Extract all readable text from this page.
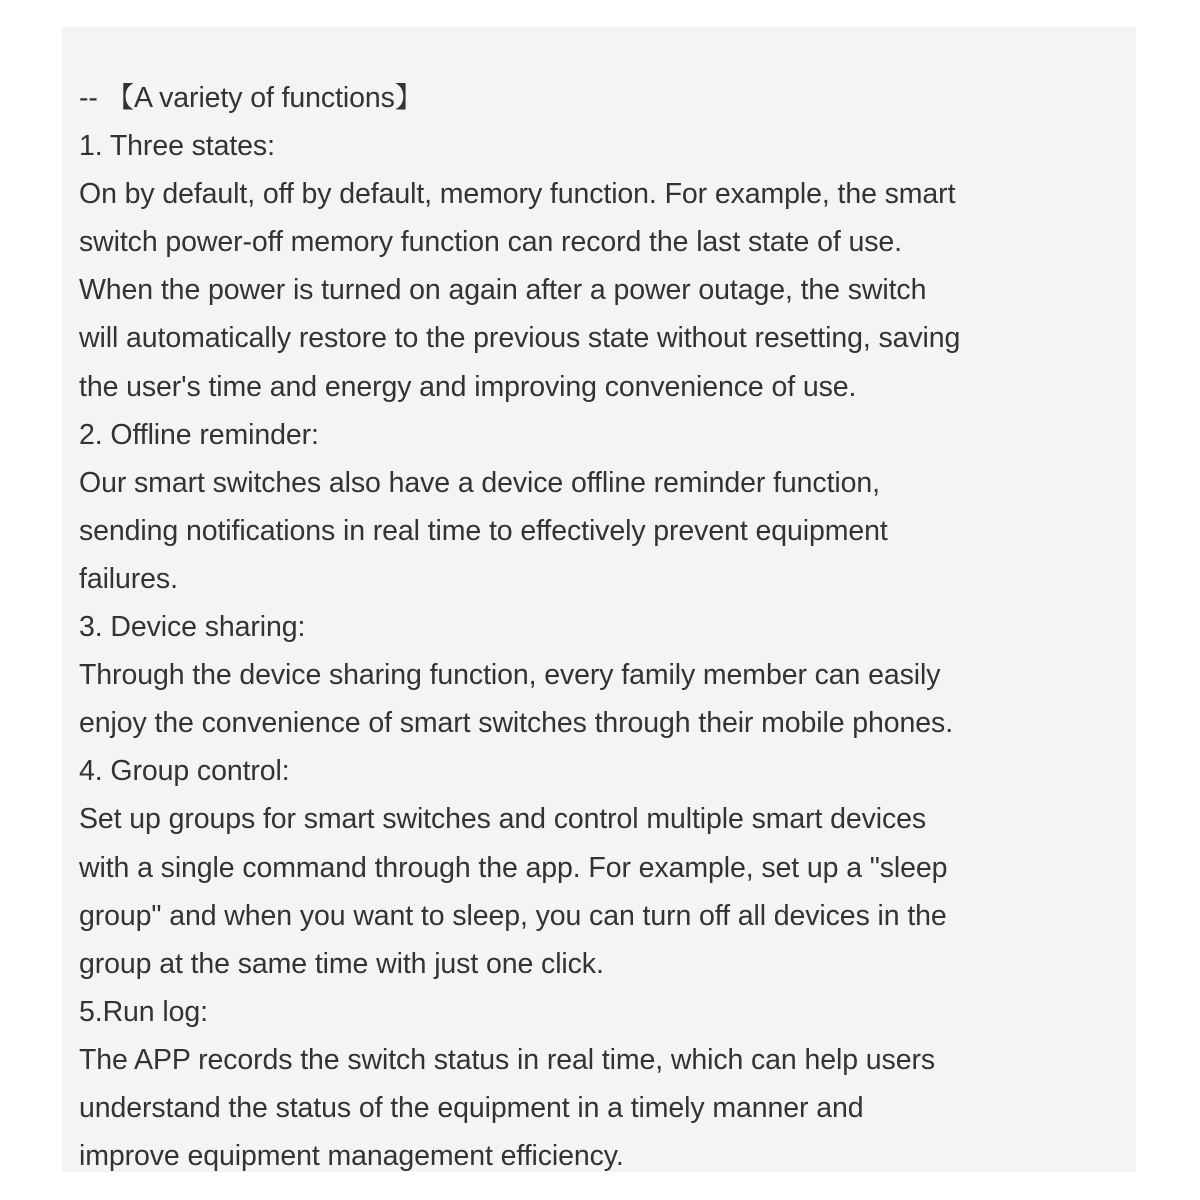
-- 【A variety of functions】
1. Three states:
On by default, off by default, memory function. For example, the smart
switch power-off memory function can record the last state of use.
When the power is turned on again after a power outage, the switch
will automatically restore to the previous state without resetting, saving
the user's time and energy and improving convenience of use.
2. Offline reminder:
Our smart switches also have a device offline reminder function,
sending notifications in real time to effectively prevent equipment
failures.
3. Device sharing:
Through the device sharing function, every family member can easily
enjoy the convenience of smart switches through their mobile phones.
4. Group control:
Set up groups for smart switches and control multiple smart devices
with a single command through the app. For example, set up a "sleep
group" and when you want to sleep, you can turn off all devices in the
group at the same time with just one click.
5.Run log:
The APP records the switch status in real time, which can help users
understand the status of the equipment in a timely manner and
improve equipment management efficiency.
